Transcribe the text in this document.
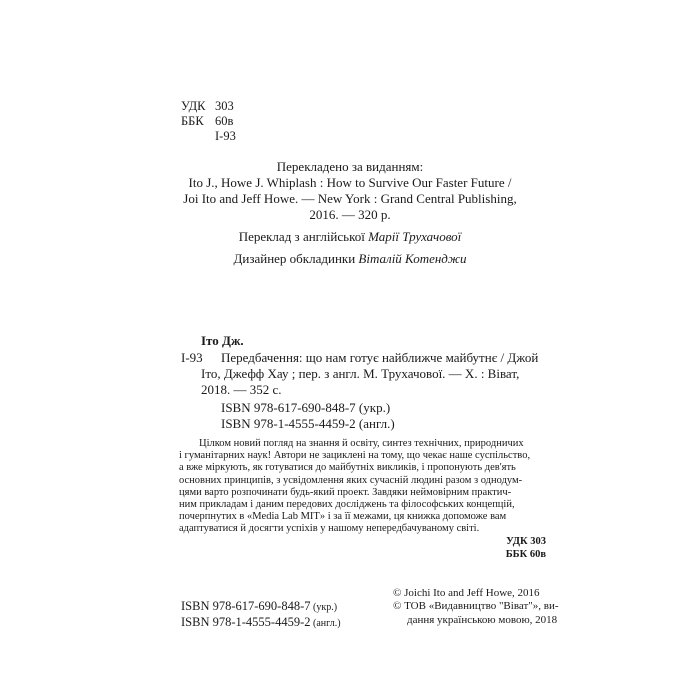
УДК 303
ББК 60в
І-93
Перекладено за виданням:
Ito J., Howe J. Whiplash : How to Survive Our Faster Future /
Joi Ito and Jeff Howe. — New York : Grand Central Publishing,
2016. — 320 p.
Переклад з англійської Марії Трухачової
Дизайнер обкладинки Віталій Котенджи
Іто Дж.
І-93 Передбачення: що нам готує найближче майбутнє / Джой
Іто, Джефф Хау ; пер. з англ. М. Трухачової. — Х. : Віват,
2018. — 352 с.
ISBN 978-617-690-848-7 (укр.)
ISBN 978-1-4555-4459-2 (англ.)
Цілком новий погляд на знання й освіту, синтез технічних, природничих
і гуманітарних наук! Автори не зациклені на тому, що чекає наше суспільство,
а вже міркують, як готуватися до майбутніх викликів, і пропонують дев'ять
основних принципів, з усвідомлення яких сучасній людині разом з однодум-
цями варто розпочинати будь-який проект. Завдяки неймовірним практич-
ним прикладам і даним передових досліджень та філософських концепцій,
почерпнутих в «Media Lab MIT» і за її межами, ця книжка допоможе вам
адаптуватися й досягти успіхів у нашому непередбачуваному світі.
УДК 303
ББК 60в
ISBN 978-617-690-848-7 (укр.)
ISBN 978-1-4555-4459-2 (англ.)
© Joichi Ito and Jeff Howe, 2016
© ТОВ «Видавництво "Віват"», ви-
дання українською мовою, 2018
